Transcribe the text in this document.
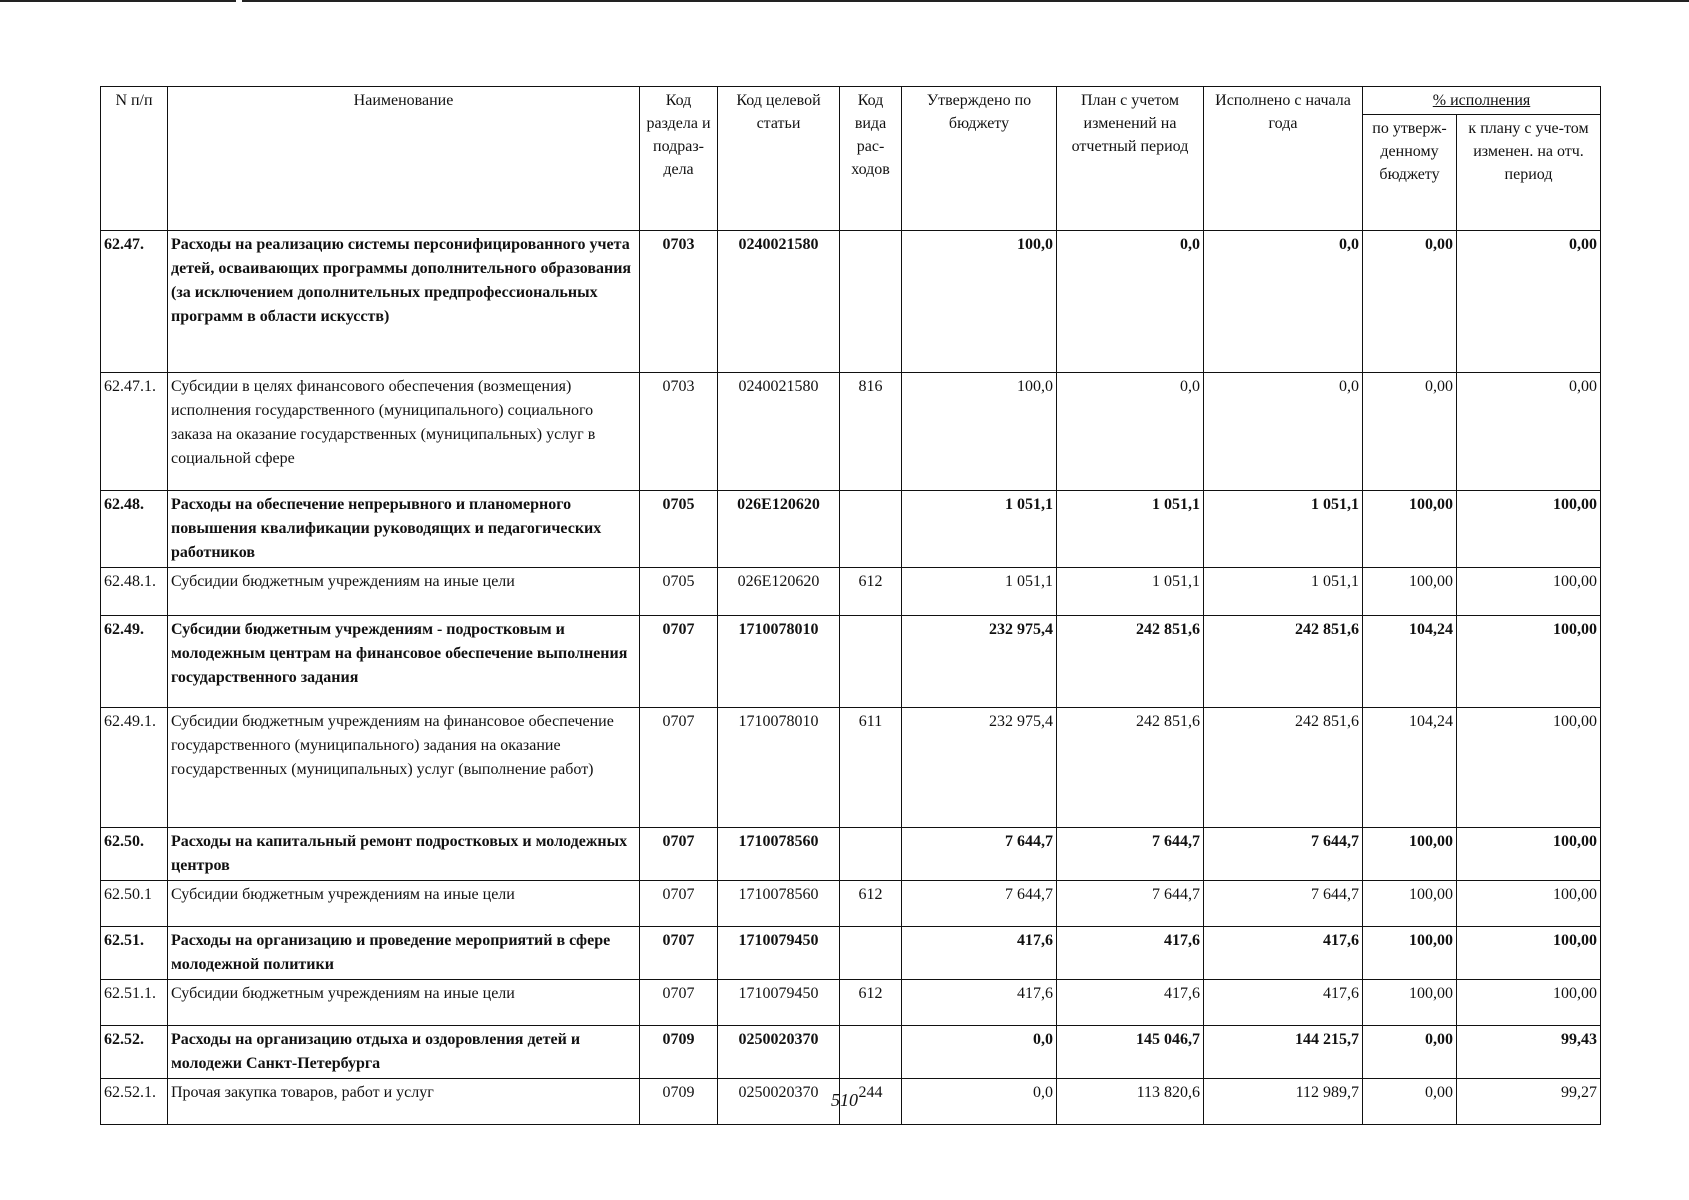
N п/п	Наименование	Код раздела и подраз-дела	Код целевой статьи	Код вида рас-ходов	Утверждено по бюджету	План с учетом изменений на отчетный период	Исполнено с начала года	% исполнения	
								по утверж-денному бюджету	к плану с уче-том изменен. на отч. период
62.47.	Расходы на реализацию системы персонифицированного учета детей, осваивающих программы дополнительного образования (за исключением дополнительных предпрофессиональных программ в области искусств)	0703	0240021580		100,0	0,0	0,0	0,00	0,00
62.47.1.	Субсидии в целях финансового обеспечения (возмещения) исполнения государственного (муниципального) социального заказа на оказание государственных (муниципальных) услуг в социальной сфере	0703	0240021580	816	100,0	0,0	0,0	0,00	0,00
62.48.	Расходы на обеспечение непрерывного и планомерного повышения квалификации руководящих и педагогических работников	0705	026E120620		1 051,1	1 051,1	1 051,1	100,00	100,00
62.48.1.	Субсидии бюджетным учреждениям на иные цели	0705	026E120620	612	1 051,1	1 051,1	1 051,1	100,00	100,00
62.49.	Субсидии бюджетным учреждениям - подростковым и молодежным центрам на финансовое обеспечение выполнения государственного задания	0707	1710078010		232 975,4	242 851,6	242 851,6	104,24	100,00
62.49.1.	Субсидии бюджетным учреждениям на финансовое обеспечение государственного (муниципального) задания на оказание государственных (муниципальных) услуг (выполнение работ)	0707	1710078010	611	232 975,4	242 851,6	242 851,6	104,24	100,00
62.50.	Расходы на капитальный ремонт подростковых и молодежных центров	0707	1710078560		7 644,7	7 644,7	7 644,7	100,00	100,00
62.50.1	Субсидии бюджетным учреждениям на иные цели	0707	1710078560	612	7 644,7	7 644,7	7 644,7	100,00	100,00
62.51.	Расходы на организацию и проведение мероприятий в сфере молодежной политики	0707	1710079450		417,6	417,6	417,6	100,00	100,00
62.51.1.	Субсидии бюджетным учреждениям на иные цели	0707	1710079450	612	417,6	417,6	417,6	100,00	100,00
62.52.	Расходы на организацию отдыха и оздоровления детей и молодежи Санкт-Петербурга	0709	0250020370		0,0	145 046,7	144 215,7	0,00	99,43
62.52.1.	Прочая закупка товаров, работ и услуг	0709	0250020370	244	0,0	113 820,6	112 989,7	0,00	99,27
510
